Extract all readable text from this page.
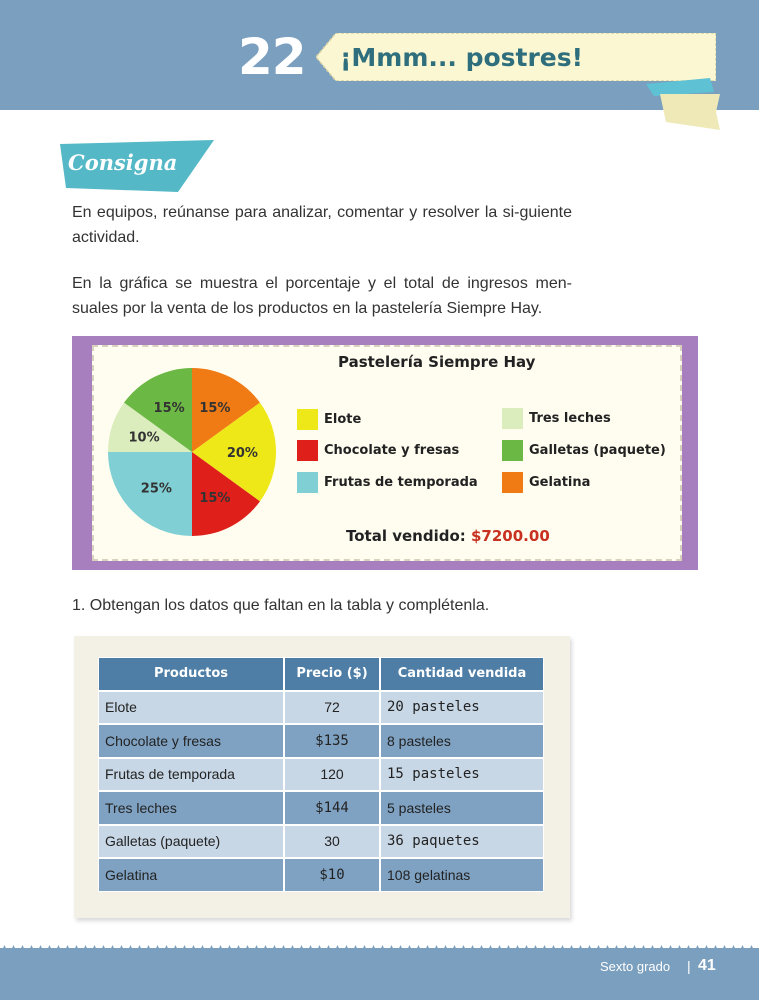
22 ¡Mmm... postres!
Consigna
En equipos, reúnanse para analizar, comentar y resolver la si-guiente actividad.
En la gráfica se muestra el porcentaje y el total de ingresos men-suales por la venta de los productos en la pastelería Siempre Hay.
Pastelería Siempre Hay
15%
20%
15%
25%
10%
15%
Elote
Chocolate y fresas
Frutas de temporada
Tres leches
Galletas (paquete)
Gelatina
Total vendido: $7200.00
1. Obtengan los datos que faltan en la tabla y complétenla.
Productos	Precio ($)	Cantidad vendida
Elote	72	20 pasteles
Chocolate y fresas	$135	8 pasteles
Frutas de temporada	120	15 pasteles
Tres leches	$144	5 pasteles
Galletas (paquete)	30	36 paquetes
Gelatina	$10	108 gelatinas
Sexto grado | 41
